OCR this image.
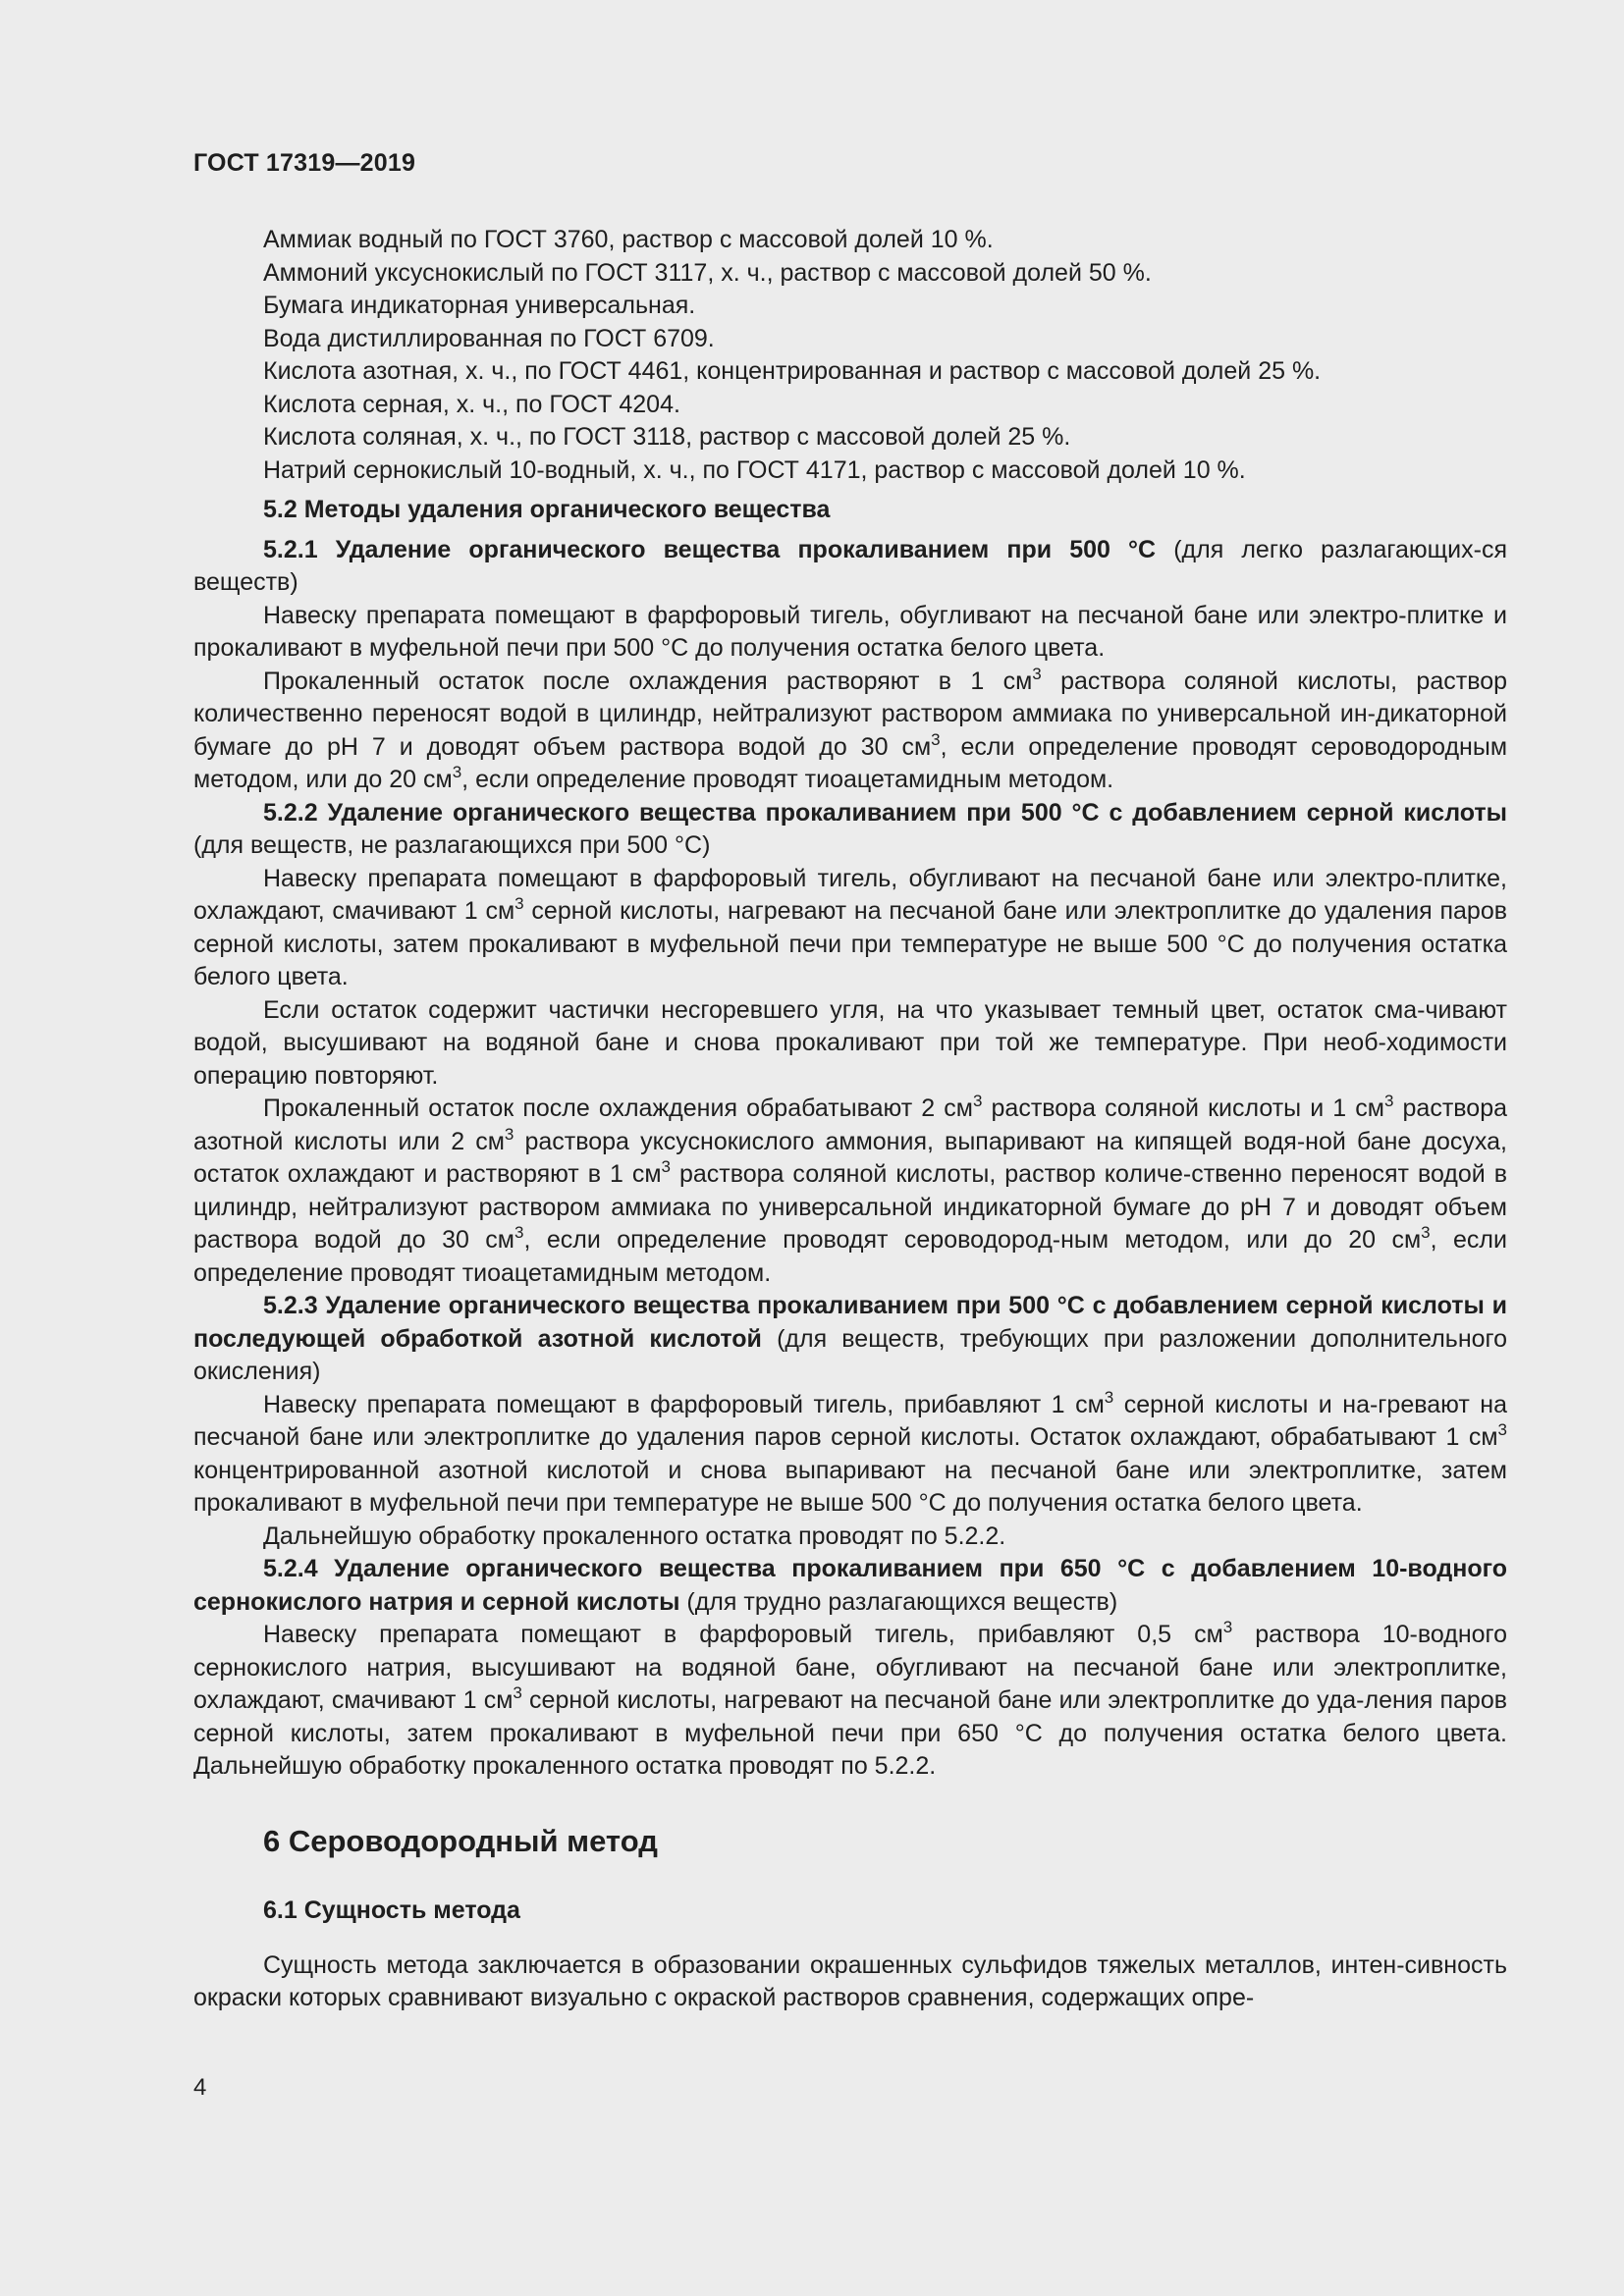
ГОСТ 17319—2019

Аммиак водный по ГОСТ 3760, раствор с массовой долей 10 %.

Аммоний уксуснокислый по ГОСТ 3117, х. ч., раствор с массовой долей 50 %.

Бумага индикаторная универсальная.

Вода дистиллированная по ГОСТ 6709.

Кислота азотная, х. ч., по ГОСТ 4461, концентрированная и раствор с массовой долей 25 %.

Кислота серная, х. ч., по ГОСТ 4204.

Кислота соляная, х. ч., по ГОСТ 3118, раствор с массовой долей 25 %.

Натрий сернокислый 10-водный, х. ч., по ГОСТ 4171, раствор с массовой долей 10 %.

5.2 Методы удаления органического вещества

5.2.1 Удаление органического вещества прокаливанием при 500 °С (для легко разлагающих-ся веществ)

Навеску препарата помещают в фарфоровый тигель, обугливают на песчаной бане или электро-плитке и прокаливают в муфельной печи при 500 °С до получения остатка белого цвета.

Прокаленный остаток после охлаждения растворяют в 1 $см^3$ раствора соляной кислоты, раствор количественно переносят водой в цилиндр, нейтрализуют раствором аммиака по универсальной ин-дикаторной бумаге до рН 7 и доводят объем раствора водой до 30 $см^3$, если определение проводят сероводородным методом, или до 20 $см^3$, если определение проводят тиоацетамидным методом.

5.2.2 Удаление органического вещества прокаливанием при 500 °С с добавлением серной кислоты (для веществ, не разлагающихся при 500 °С)

Навеску препарата помещают в фарфоровый тигель, обугливают на песчаной бане или электро-плитке, охлаждают, смачивают 1 $см^3$ серной кислоты, нагревают на песчаной бане или электроплитке до удаления паров серной кислоты, затем прокаливают в муфельной печи при температуре не выше 500 °С до получения остатка белого цвета.

Если остаток содержит частички несгоревшего угля, на что указывает темный цвет, остаток сма-чивают водой, высушивают на водяной бане и снова прокаливают при той же температуре. При необ-ходимости операцию повторяют.

Прокаленный остаток после охлаждения обрабатывают 2 $см^3$ раствора соляной кислоты и 1 $см^3$ раствора азотной кислоты или 2 $см^3$ раствора уксуснокислого аммония, выпаривают на кипящей водя-ной бане досуха, остаток охлаждают и растворяют в 1 $см^3$ раствора соляной кислоты, раствор количе-ственно переносят водой в цилиндр, нейтрализуют раствором аммиака по универсальной индикаторной бумаге до рН 7 и доводят объем раствора водой до 30 $см^3$, если определение проводят сероводород-ным методом, или до 20 $см^3$, если определение проводят тиоацетамидным методом.

5.2.3 Удаление органического вещества прокаливанием при 500 °С с добавлением серной кислоты и последующей обработкой азотной кислотой (для веществ, требующих при разложении дополнительного окисления)

Навеску препарата помещают в фарфоровый тигель, прибавляют 1 $см^3$ серной кислоты и на-гревают на песчаной бане или электроплитке до удаления паров серной кислоты. Остаток охлаждают, обрабатывают 1 $см^3$ концентрированной азотной кислотой и снова выпаривают на песчаной бане или электроплитке, затем прокаливают в муфельной печи при температуре не выше 500 °С до получения остатка белого цвета.

Дальнейшую обработку прокаленного остатка проводят по 5.2.2.

5.2.4 Удаление органического вещества прокаливанием при 650 °С с добавлением 10-водного сернокислого натрия и серной кислоты (для трудно разлагающихся веществ)

Навеску препарата помещают в фарфоровый тигель, прибавляют 0,5 $см^3$ раствора 10-водного сернокислого натрия, высушивают на водяной бане, обугливают на песчаной бане или электроплитке, охлаждают, смачивают 1 $см^3$ серной кислоты, нагревают на песчаной бане или электроплитке до уда-ления паров серной кислоты, затем прокаливают в муфельной печи при 650 °С до получения остатка белого цвета. Дальнейшую обработку прокаленного остатка проводят по 5.2.2.

6 Сероводородный метод

6.1 Сущность метода

Сущность метода заключается в образовании окрашенных сульфидов тяжелых металлов, интен-сивность окраски которых сравнивают визуально с окраской растворов сравнения, содержащих опре-

4
